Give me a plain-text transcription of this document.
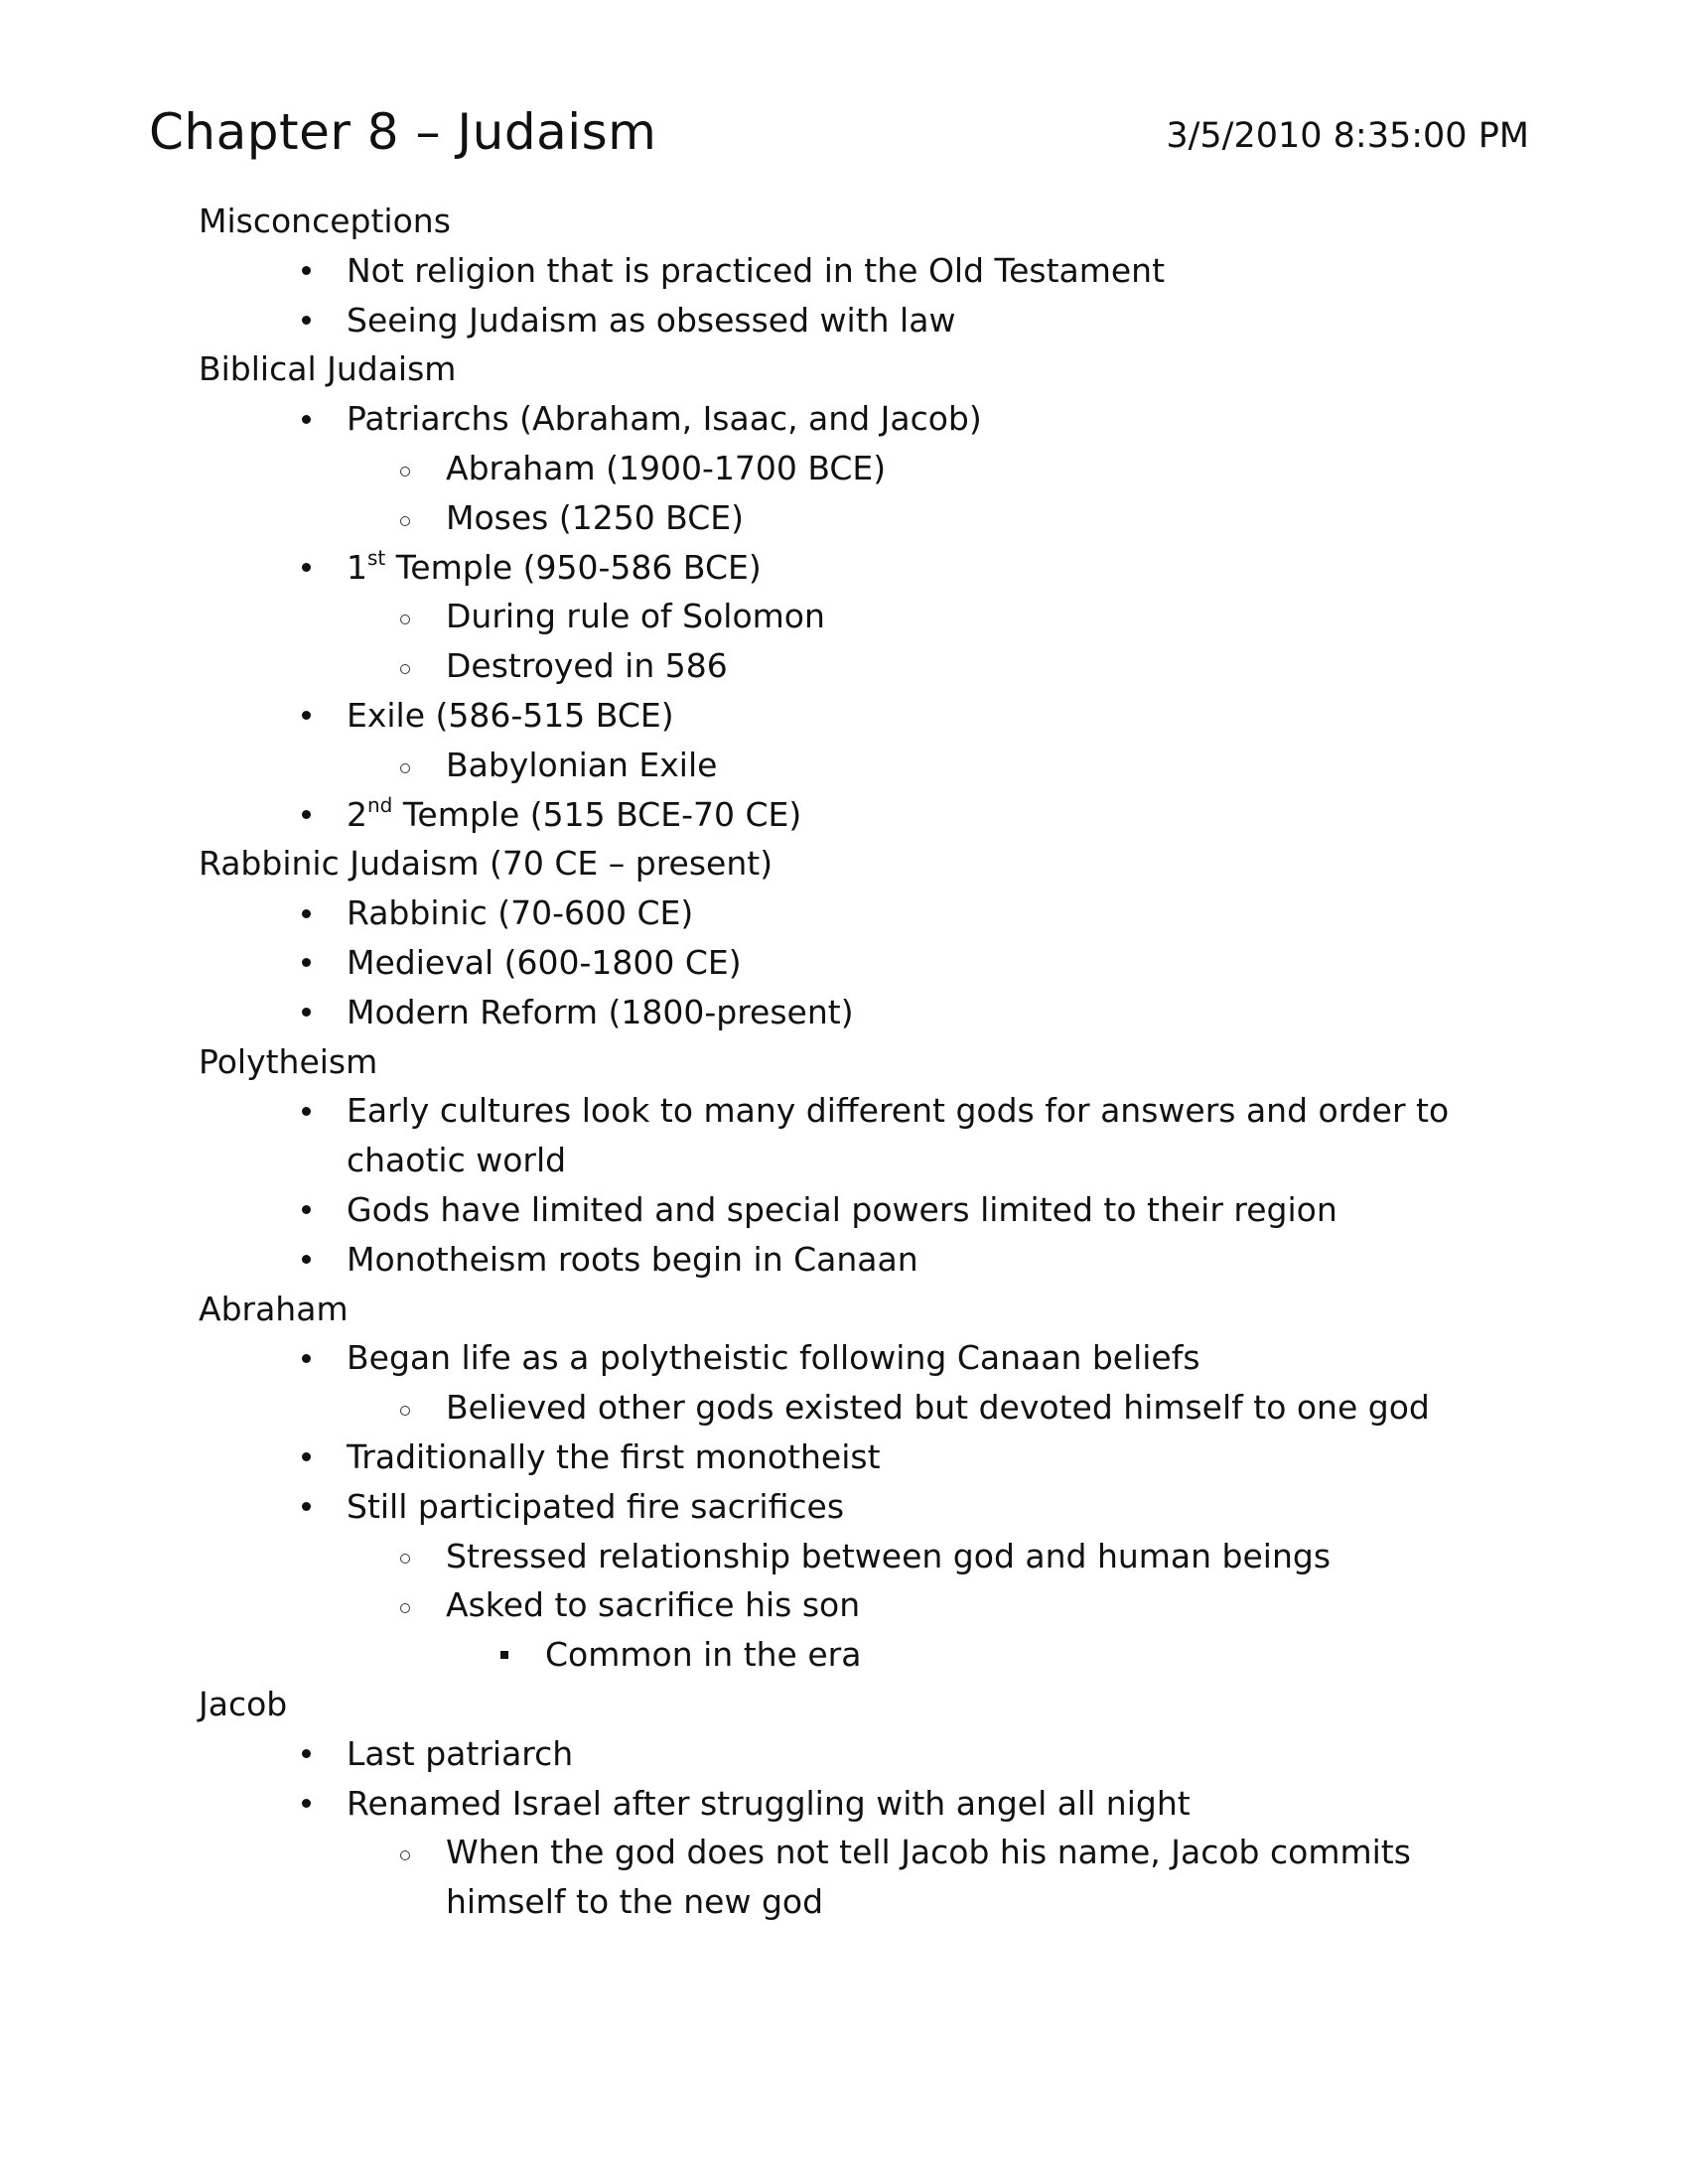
Chapter 8 – Judaism	3/5/2010 8:35:00 PM
Misconceptions
Not religion that is practiced in the Old Testament
Seeing Judaism as obsessed with law
Biblical Judaism
Patriarchs (Abraham, Isaac, and Jacob)
Abraham (1900-1700 BCE)
Moses (1250 BCE)
1st Temple (950-586 BCE)
During rule of Solomon
Destroyed in 586
Exile (586-515 BCE)
Babylonian Exile
2nd Temple (515 BCE-70 CE)
Rabbinic Judaism (70 CE – present)
Rabbinic (70-600 CE)
Medieval (600-1800 CE)
Modern Reform (1800-present)
Polytheism
Early cultures look to many different gods for answers and order to chaotic world
Gods have limited and special powers limited to their region
Monotheism roots begin in Canaan
Abraham
Began life as a polytheistic following Canaan beliefs
Believed other gods existed but devoted himself to one god
Traditionally the first monotheist
Still participated fire sacrifices
Stressed relationship between god and human beings
Asked to sacrifice his son
Common in the era
Jacob
Last patriarch
Renamed Israel after struggling with angel all night
When the god does not tell Jacob his name, Jacob commits himself to the new god
